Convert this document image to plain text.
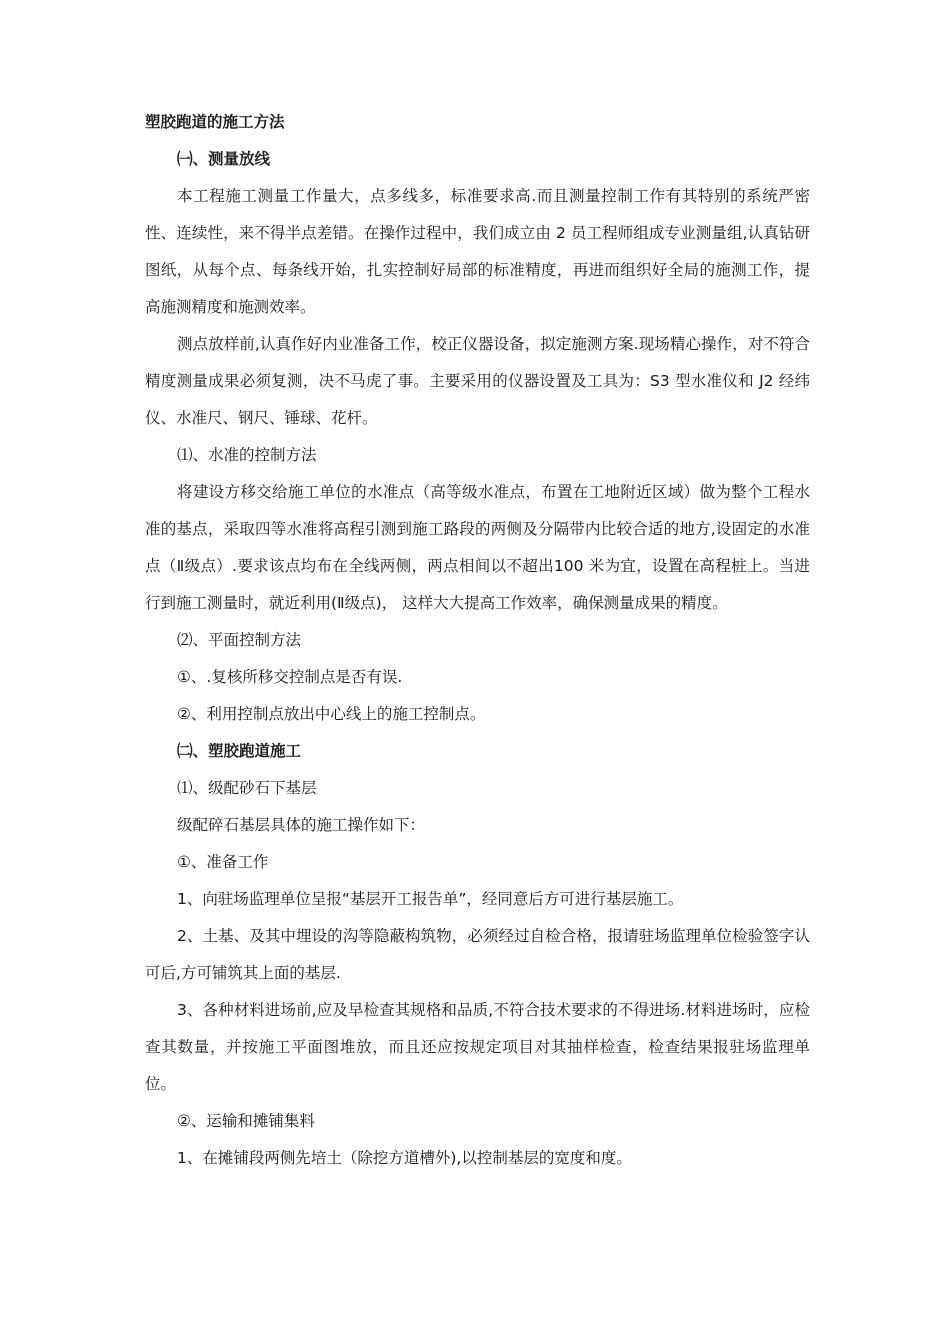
塑胶跑道的施工方法

㈠、测量放线

本工程施工测量工作量大，点多线多，标准要求高.而且测量控制工作有其特别的系统严密性、连续性，来不得半点差错。在操作过程中，我们成立由 2 员工程师组成专业测量组,认真钻研图纸，从每个点、每条线开始，扎实控制好局部的标准精度，再进而组织好全局的施测工作，提高施测精度和施测效率。

测点放样前,认真作好内业准备工作，校正仪器设备，拟定施测方案.现场精心操作，对不符合精度测量成果必须复测，决不马虎了事。主要采用的仪器设置及工具为：S3 型水准仪和 J2 经纬仪、水准尺、钢尺、锤球、花杆。

⑴、水准的控制方法

将建设方移交给施工单位的水准点（高等级水准点，布置在工地附近区域）做为整个工程水准的基点，采取四等水准将高程引测到施工路段的两侧及分隔带内比较合适的地方,设固定的水准点（Ⅱ级点）.要求该点均布在全线两侧，两点相间以不超出100 米为宜，设置在高程桩上。当进行到施工测量时，就近利用(Ⅱ级点)， 这样大大提高工作效率，确保测量成果的精度。

⑵、平面控制方法

①、.复核所移交控制点是否有误.

②、利用控制点放出中心线上的施工控制点。

㈡、塑胶跑道施工

⑴、级配砂石下基层

级配碎石基层具体的施工操作如下：

①、准备工作

1、向驻场监理单位呈报“基层开工报告单”，经同意后方可进行基层施工。

2、土基、及其中埋设的沟等隐蔽构筑物，必须经过自检合格，报请驻场监理单位检验签字认可后,方可铺筑其上面的基层.

3、各种材料进场前,应及早检查其规格和品质,不符合技术要求的不得进场.材料进场时，应检查其数量，并按施工平面图堆放，而且还应按规定项目对其抽样检查，检查结果报驻场监理单位。

②、运输和摊铺集料

1、在摊铺段两侧先培土（除挖方道槽外),以控制基层的宽度和度。
